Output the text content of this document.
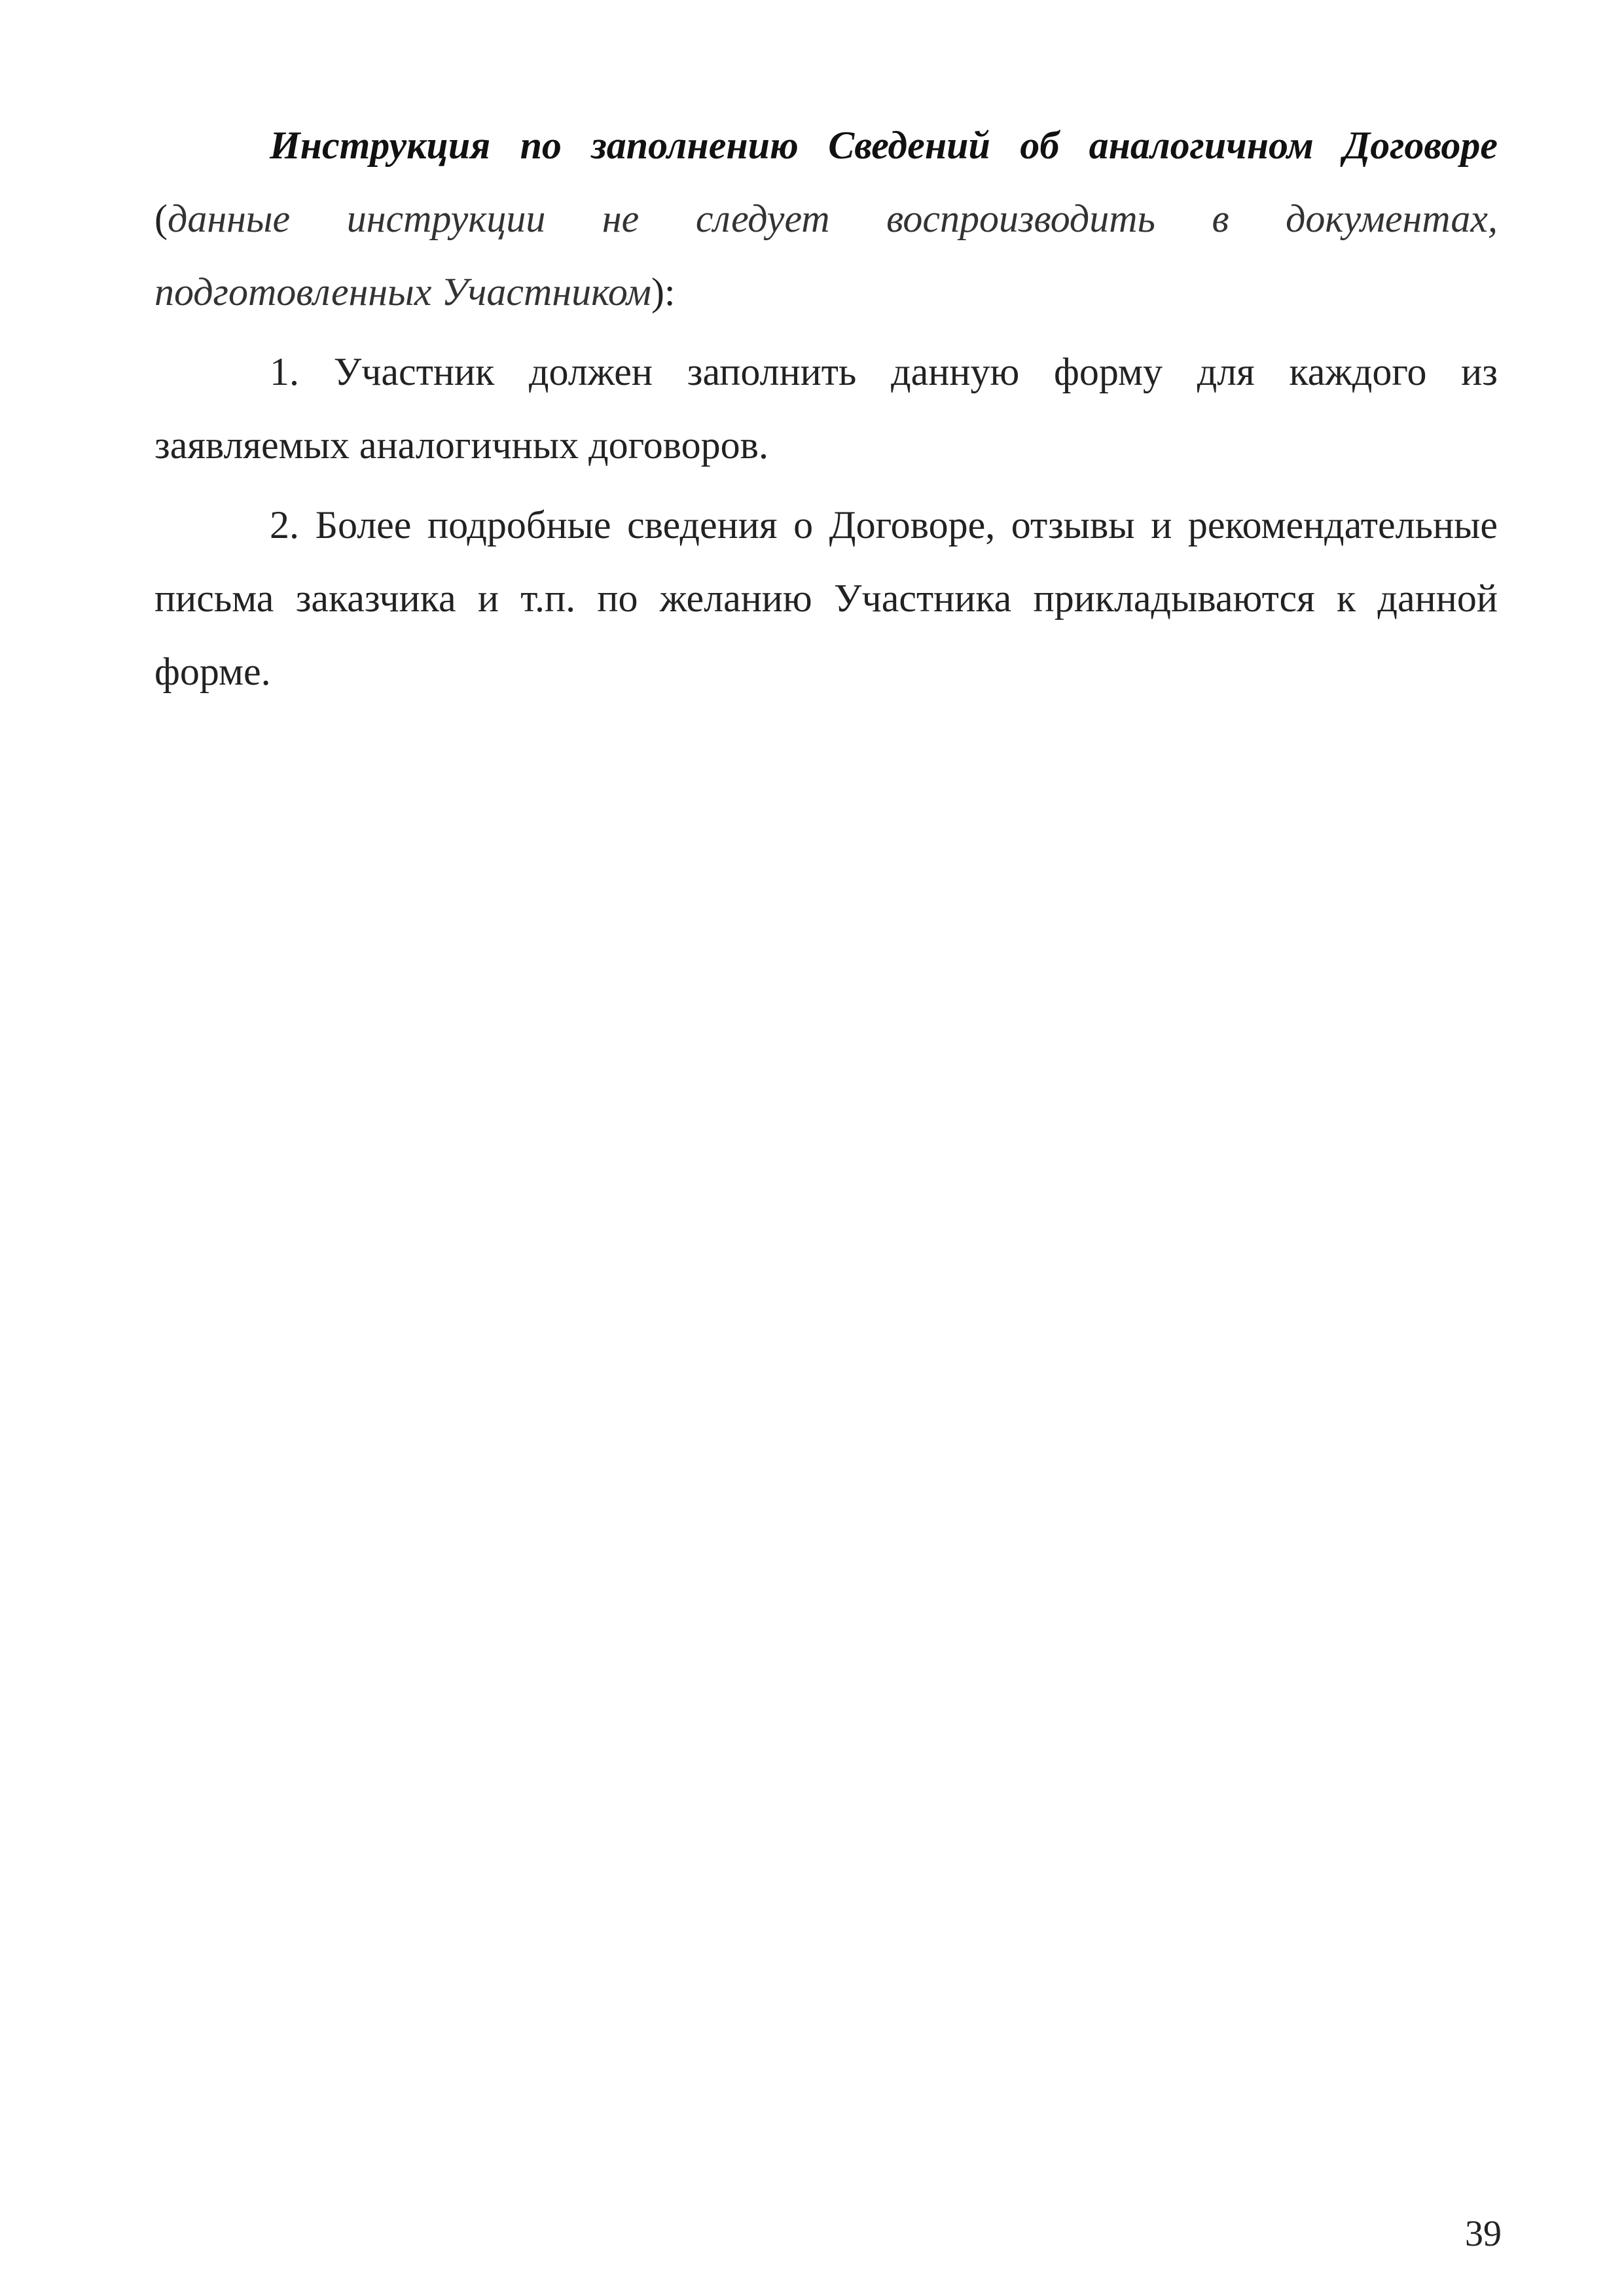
Инструкция по заполнению Сведений об аналогичном Договоре (данные инструкции не следует воспроизводить в документах, подготовленных Участником):

1. Участник должен заполнить данную форму для каждого из заявляемых аналогичных договоров.

2. Более подробные сведения о Договоре, отзывы и рекомендательные письма заказчика и т.п. по желанию Участника прикладываются к данной форме.

39
